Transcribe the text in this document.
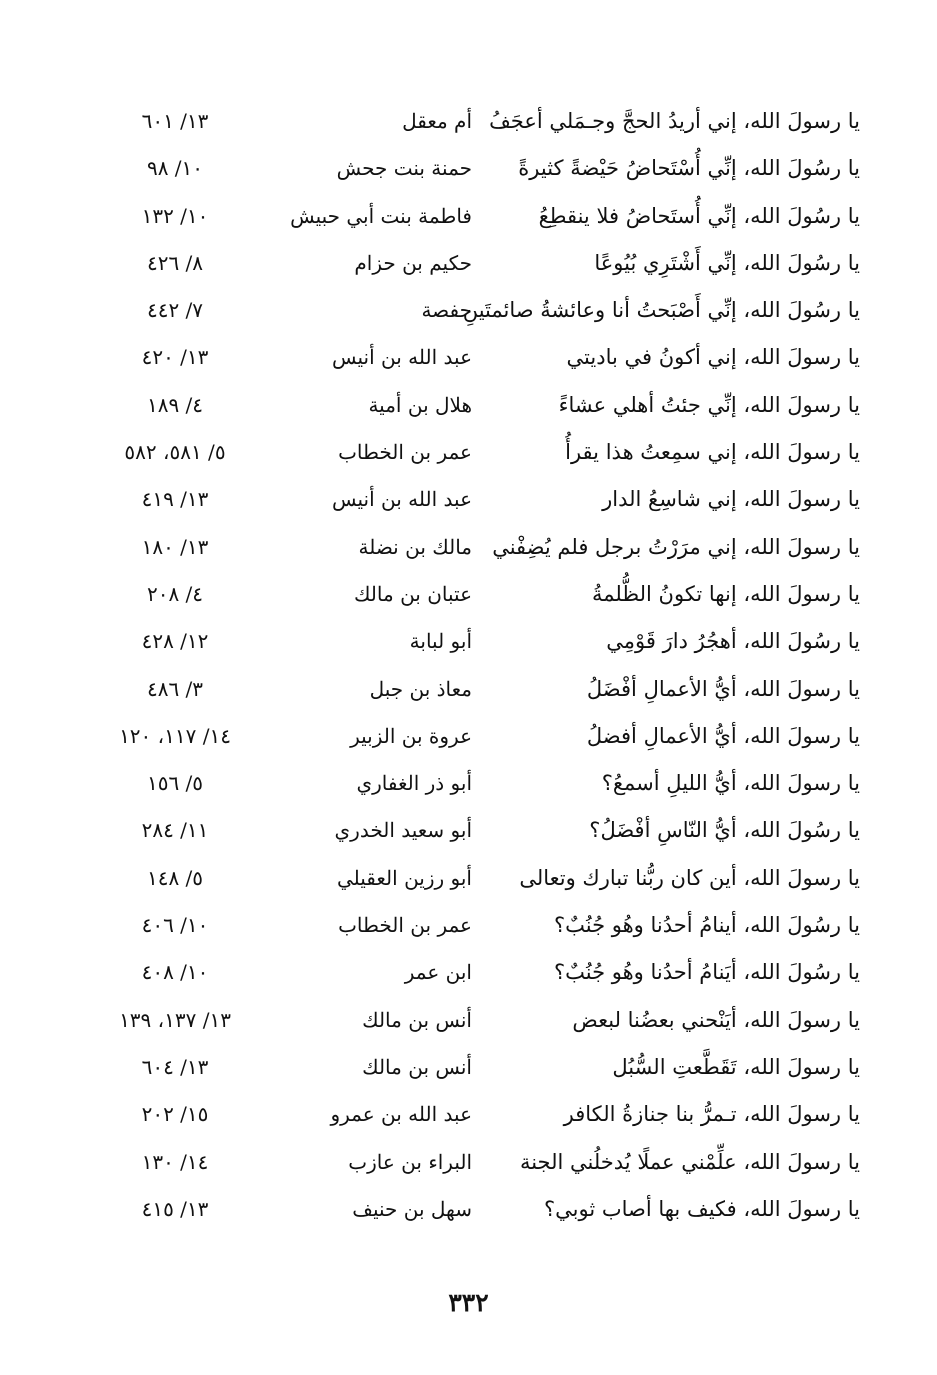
يا رسولَ الله، إني أريدُ الحجَّ وجـمَلي أعجَفُ
أم معقل
١٣/ ٦٠١
يا رسُولَ الله، إنِّي أُسْتَحاضُ حَيْضةً كثيرةً
حمنة بنت جحش
١٠/ ٩٨
يا رسُولَ الله، إنِّي أُستَحاضُ فلا ينقطِعُ
فاطمة بنت أبي حبيش
١٠/ ١٣٢
يا رسُولَ الله، إنِّي أَشْتَرِي بُيُوعًا
حكيم بن حزام
٨/ ٤٢٦
يا رسُولَ الله، إنِّي أَصْبَحتُ أنا وعائشةُ صائمتَينِ
حفصة
٧/ ٤٤٢
يا رسولَ الله، إني أكونُ في باديتي
عبد الله بن أنيس
١٣/ ٤٢٠
يا رسولَ الله، إنِّي جئتُ أهلي عشاءً
هلال بن أمية
٤/ ١٨٩
يا رسولَ الله، إني سمِعتُ هذا يقرأُ
عمر بن الخطاب
٥/ ٥٨١، ٥٨٢
يا رسولَ الله، إني شاسِعُ الدار
عبد الله بن أنيس
١٣/ ٤١٩
يا رسولَ الله، إني مرَرْتُ برجل فلم يُضِفْني
مالك بن نضلة
١٣/ ١٨٠
يا رسولَ الله، إنها تكونُ الظُّلمةُ
عتبان بن مالك
٤/ ٢٠٨
يا رسُولَ الله، أهجُرُ دارَ قَوْمِي
أبو لبابة
١٢/ ٤٢٨
يا رسولَ الله، أيُّ الأعمالِ أفْضَلُ
معاذ بن جبل
٣/ ٤٨٦
يا رسولَ الله، أيُّ الأعمالِ أفضلُ
عروة بن الزبير
١٤/ ١١٧، ١٢٠
يا رسولَ الله، أيُّ الليلِ أسمعُ؟
أبو ذر الغفاري
٥/ ١٥٦
يا رسُولَ الله، أيُّ النّاسِ أفْضَلُ؟
أبو سعيد الخدري
١١/ ٢٨٤
يا رسولَ الله، أين كان ربُّنا تبارك وتعالى
أبو رزين العقيلي
٥/ ١٤٨
يا رسُولَ الله، أينامُ أحدُنا وهُو جُنُبٌ؟
عمر بن الخطاب
١٠/ ٤٠٦
يا رسُولَ الله، أيَنامُ أحدُنا وهُو جُنُبٌ؟
ابن عمر
١٠/ ٤٠٨
يا رسولَ الله، أيَنْحني بعضُنا لبعض
أنس بن مالك
١٣/ ١٣٧، ١٣٩
يا رسولَ الله، تَقَطَّعتِ السُّبُل
أنس بن مالك
١٣/ ٦٠٤
يا رسولَ الله، تـمرُّ بنا جنازةُ الكافر
عبد الله بن عمرو
١٥/ ٢٠٢
يا رسولَ الله، علِّمْني عملًا يُدخلُني الجنة
البراء بن عازب
١٤/ ١٣٠
يا رسولَ الله، فكيف بها أصاب ثوبي؟
سهل بن حنيف
١٣/ ٤١٥
٣٣٢
